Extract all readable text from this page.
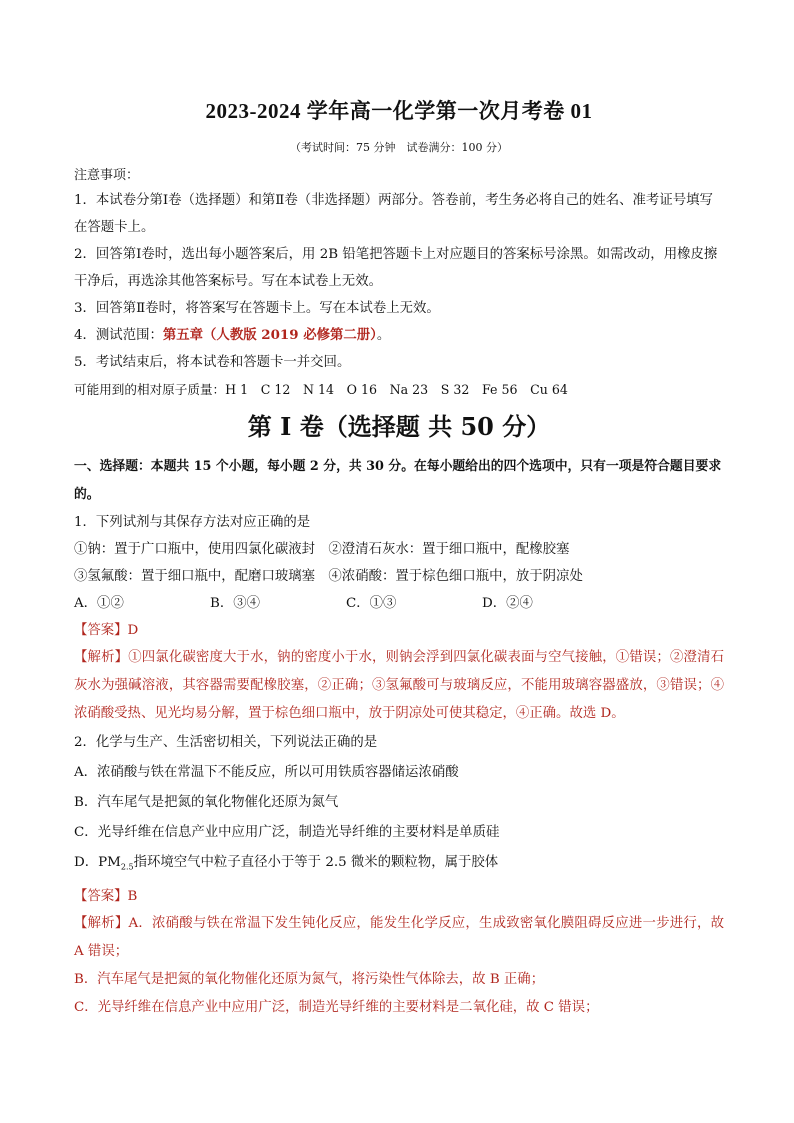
2023-2024 学年高一化学第一次月考卷 01
（考试时间：75 分钟　试卷满分：100 分）

注意事项：

1．本试卷分第Ⅰ卷（选择题）和第Ⅱ卷（非选择题）两部分。答卷前，考生务必将自己的姓名、准考证号填写在答题卡上。

2．回答第Ⅰ卷时，选出每小题答案后，用 2B 铅笔把答题卡上对应题目的答案标号涂黑。如需改动，用橡皮擦干净后，再选涂其他答案标号。写在本试卷上无效。

3．回答第Ⅱ卷时，将答案写在答题卡上。写在本试卷上无效。

4．测试范围：第五章（人教版 2019 必修第二册）。

5．考试结束后，将本试卷和答题卡一并交回。

可能用到的相对原子质量：H 1　C 12　N 14　O 16　Na 23　S 32　Fe 56　Cu 64

第 I 卷（选择题 共 50 分）

一、选择题：本题共 15 个小题，每小题 2 分，共 30 分。在每小题给出的四个选项中，只有一项是符合题目要求的。

1．下列试剂与其保存方法对应正确的是

①钠：置于广口瓶中，使用四氯化碳液封　②澄清石灰水：置于细口瓶中，配橡胶塞

③氢氟酸：置于细口瓶中，配磨口玻璃塞　④浓硝酸：置于棕色细口瓶中，放于阴凉处

A．①②	B．③④	C．①③	D．②④

【答案】D

【解析】①四氯化碳密度大于水，钠的密度小于水，则钠会浮到四氯化碳表面与空气接触，①错误；②澄清石灰水为强碱溶液，其容器需要配橡胶塞，②正确；③氢氟酸可与玻璃反应，不能用玻璃容器盛放，③错误；④浓硝酸受热、见光均易分解，置于棕色细口瓶中，放于阴凉处可使其稳定，④正确。故选 D。

2．化学与生产、生活密切相关，下列说法正确的是

A．浓硝酸与铁在常温下不能反应，所以可用铁质容器储运浓硝酸

B．汽车尾气是把氮的氧化物催化还原为氮气

C．光导纤维在信息产业中应用广泛，制造光导纤维的主要材料是单质硅

D．$PM_{2.5}$指环境空气中粒子直径小于等于 2.5 微米的颗粒物，属于胶体

【答案】B

【解析】A．浓硝酸与铁在常温下发生钝化反应，能发生化学反应，生成致密氧化膜阻碍反应进一步进行，故 A 错误；

B．汽车尾气是把氮的氧化物催化还原为氮气，将污染性气体除去，故 B 正确；

C．光导纤维在信息产业中应用广泛，制造光导纤维的主要材料是二氧化硅，故 C 错误；
